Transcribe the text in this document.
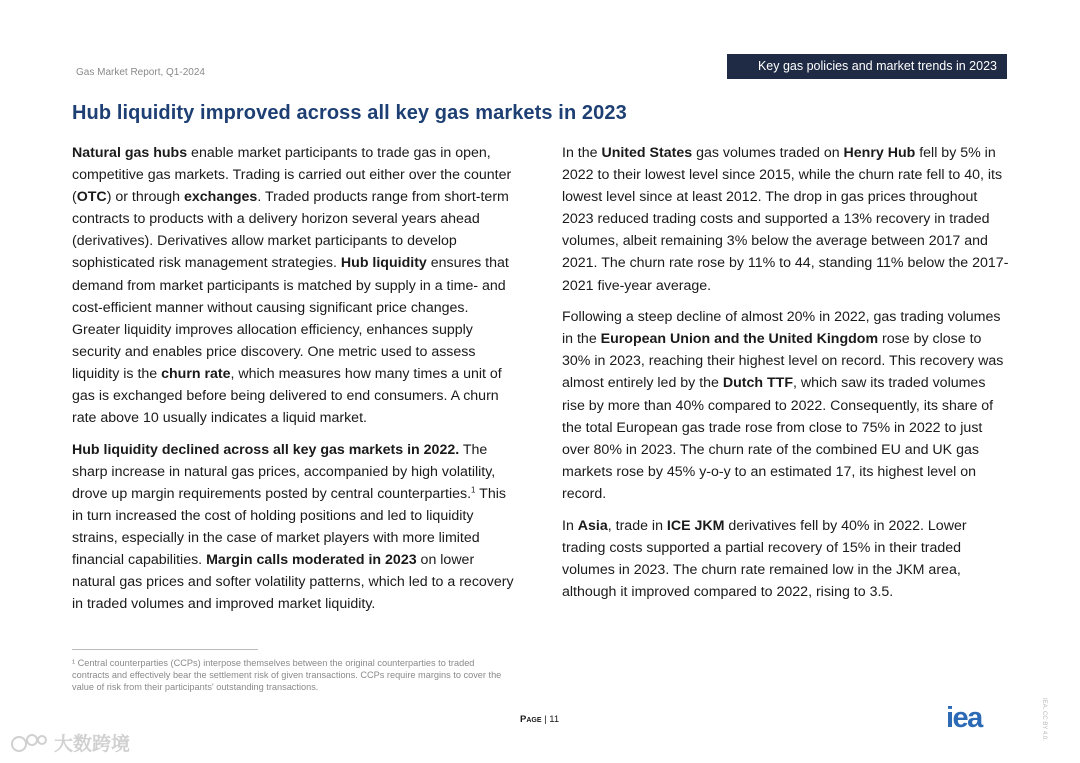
Gas Market Report, Q1-2024	Key gas policies and market trends in 2023
Hub liquidity improved across all key gas markets in 2023

Natural gas hubs enable market participants to trade gas in open, competitive gas markets. Trading is carried out either over the counter (OTC) or through exchanges. Traded products range from short-term contracts to products with a delivery horizon several years ahead (derivatives). Derivatives allow market participants to develop sophisticated risk management strategies. Hub liquidity ensures that demand from market participants is matched by supply in a time- and cost-efficient manner without causing significant price changes. Greater liquidity improves allocation efficiency, enhances supply security and enables price discovery. One metric used to assess liquidity is the churn rate, which measures how many times a unit of gas is exchanged before being delivered to end consumers. A churn rate above 10 usually indicates a liquid market.

Hub liquidity declined across all key gas markets in 2022. The sharp increase in natural gas prices, accompanied by high volatility, drove up margin requirements posted by central counterparties.$^1$ This in turn increased the cost of holding positions and led to liquidity strains, especially in the case of market players with more limited financial capabilities. Margin calls moderated in 2023 on lower natural gas prices and softer volatility patterns, which led to a recovery in traded volumes and improved market liquidity.

In the United States gas volumes traded on Henry Hub fell by 5% in 2022 to their lowest level since 2015, while the churn rate fell to 40, its lowest level since at least 2012. The drop in gas prices throughout 2023 reduced trading costs and supported a 13% recovery in traded volumes, albeit remaining 3% below the average between 2017 and 2021. The churn rate rose by 11% to 44, standing 11% below the 2017-2021 five-year average.

Following a steep decline of almost 20% in 2022, gas trading volumes in the European Union and the United Kingdom rose by close to 30% in 2023, reaching their highest level on record. This recovery was almost entirely led by the Dutch TTF, which saw its traded volumes rise by more than 40% compared to 2022. Consequently, its share of the total European gas trade rose from close to 75% in 2022 to just over 80% in 2023. The churn rate of the combined EU and UK gas markets rose by 45% y-o-y to an estimated 17, its highest level on record.

In Asia, trade in ICE JKM derivatives fell by 40% in 2022. Lower trading costs supported a partial recovery of 15% in their traded volumes in 2023. The churn rate remained low in the JKM area, although it improved compared to 2022, rising to 3.5.

¹ Central counterparties (CCPs) interpose themselves between the original counterparties to traded contracts and effectively bear the settlement risk of given transactions. CCPs require margins to cover the value of risk from their participants' outstanding transactions.
Page | 11	iea	IEA. CC BY 4.0.
大数跨境
